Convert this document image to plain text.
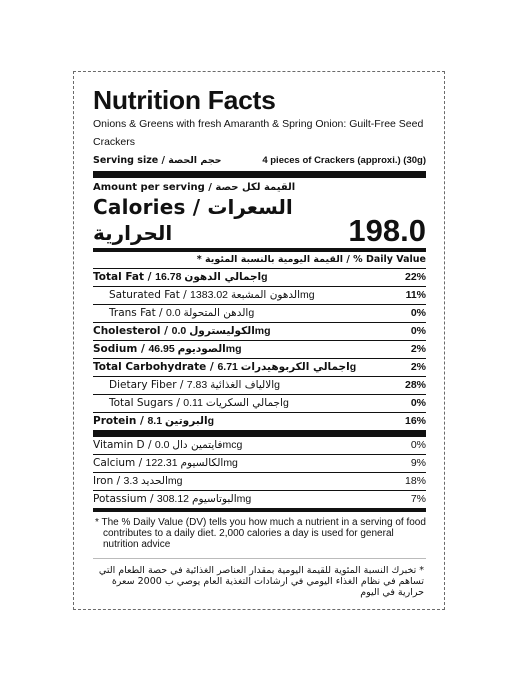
Nutrition Facts
Onions & Greens with fresh Amaranth & Spring Onion: Guilt-Free Seed Crackers
Serving size / حجم الحصة	4 pieces of Crackers (approxi.) (30g)
Amount per serving / القيمة لكل حصة
Calories / السعرات الحرارية	198.0
* القيمة اليومية بالنسبة المئوية / % Daily Value
Total Fat / اجمالي الدهون 16.78g	22%
Saturated Fat / الدهون المشبعة 1383.02mg	11%
Trans Fat / الدهن المتحولة 0.0g	0%
Cholesterol / الكوليسترول 0.0mg	0%
Sodium / الصوديوم 46.95mg	2%
Total Carbohydrate / اجمالي الكربوهيدرات 6.71g	2%
Dietary Fiber / الالياف الغذائية 7.83g	28%
Total Sugars / اجمالي السكريات 0.11g	0%
Protein / البروتين 8.1g	16%
Vitamin D / فايتمين دال 0.0mcg	0%
Calcium / الكالسيوم 122.31mg	9%
Iron / الحديد 3.3mg	18%
Potassium / البوتاسيوم 308.12mg	7%
* The % Daily Value (DV) tells you how much a nutrient in a serving of food contributes to a daily diet. 2,000 calories a day is used for general nutrition advice
* تخبرك النسبة المئوية للقيمة اليومية بمقدار العناصر الغذائية في حصة الطعام التي تساهم في نظام الغذاء اليومي في ارشادات التغذية العام يوصي ب 2000 سعرة حرارية في اليوم
